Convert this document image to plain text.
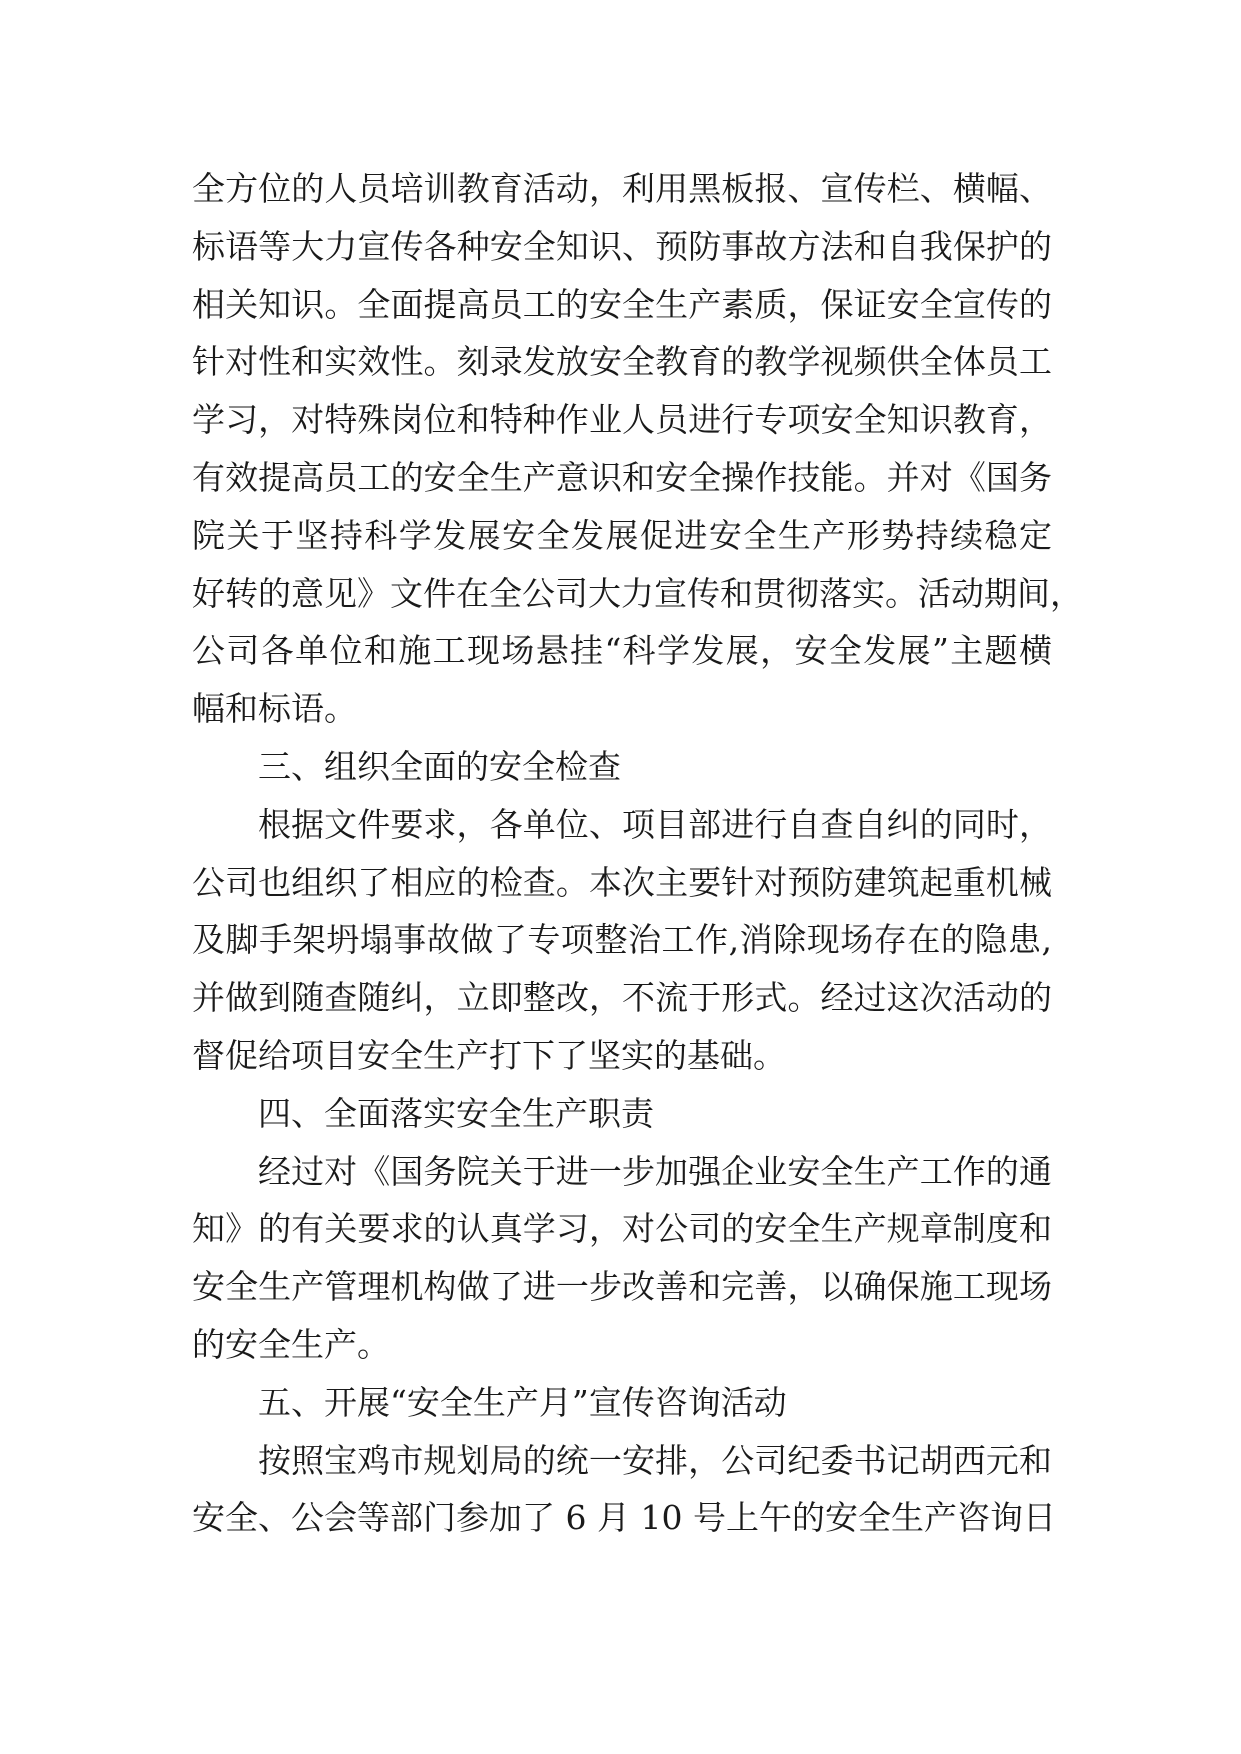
全方位的人员培训教育活动，利用黑板报、宣传栏、横幅、
标语等大力宣传各种安全知识、预防事故方法和自我保护的
相关知识。全面提高员工的安全生产素质，保证安全宣传的
针对性和实效性。刻录发放安全教育的教学视频供全体员工
学习，对特殊岗位和特种作业人员进行专项安全知识教育，
有效提高员工的安全生产意识和安全操作技能。并对《国务
院关于坚持科学发展安全发展促进安全生产形势持续稳定
好转的意见》文件在全公司大力宣传和贯彻落实。活动期间，
公司各单位和施工现场悬挂“科学发展，安全发展”主题横
幅和标语。
三、组织全面的安全检查
根据文件要求，各单位、项目部进行自查自纠的同时，
公司也组织了相应的检查。本次主要针对预防建筑起重机械
及脚手架坍塌事故做了专项整治工作,消除现场存在的隐患,
并做到随查随纠，立即整改，不流于形式。经过这次活动的
督促给项目安全生产打下了坚实的基础。
四、全面落实安全生产职责
经过对《国务院关于进一步加强企业安全生产工作的通
知》的有关要求的认真学习，对公司的安全生产规章制度和
安全生产管理机构做了进一步改善和完善，以确保施工现场
的安全生产。
五、开展“安全生产月”宣传咨询活动
按照宝鸡市规划局的统一安排，公司纪委书记胡西元和
安全、公会等部门参加了 6 月 10 号上午的安全生产咨询日
